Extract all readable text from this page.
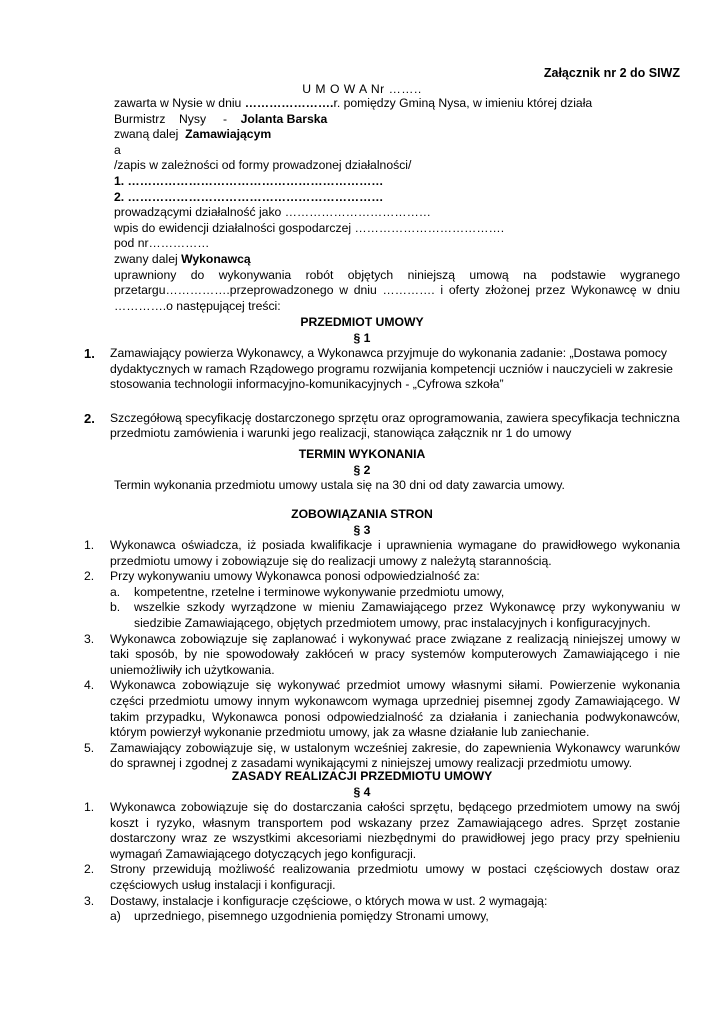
Załącznik nr 2 do SIWZ
U M O W A Nr ……..

zawarta w Nysie w dniu ………………….r. pomiędzy Gminą Nysa, w imieniu której działa

Burmistrz    Nysy     -    Jolanta Barska

zwaną dalej  Zamawiającym

a

/zapis w zależności od formy prowadzonej działalności/

1. ………………………………………………………

2. ………………………………………………………

prowadzącymi działalność jako ………………………………

wpis do ewidencji działalności gospodarczej ……………………………….

pod nr……………

zwany dalej Wykonawcą

uprawniony do wykonywania robót objętych niniejszą umową na podstawie wygranego przetargu…………….przeprowadzonego w dniu …………. i oferty złożonej przez Wykonawcę w dniu ………….o następującej treści:

PRZEDMIOT UMOWY
§ 1
1. Zamawiający powierza Wykonawcy, a Wykonawca przyjmuje do wykonania zadanie: „Dostawa pomocy dydaktycznych w ramach Rządowego programu rozwijania kompetencji uczniów i nauczycieli w zakresie stosowania technologii informacyjno-komunikacyjnych - „Cyfrowa szkoła”
2. Szczegółową specyfikację dostarczonego sprzętu oraz oprogramowania, zawiera specyfikacja techniczna przedmiotu zamówienia i warunki jego realizacji, stanowiąca załącznik nr 1 do umowy
TERMIN WYKONANIA
§ 2
Termin wykonania przedmiotu umowy ustala się na 30 dni od daty zawarcia umowy.
ZOBOWIĄZANIA STRON
§ 3
1. Wykonawca oświadcza, iż posiada kwalifikacje i uprawnienia wymagane do prawidłowego wykonania przedmiotu umowy i zobowiązuje się do realizacji umowy z należytą starannością.
2. Przy wykonywaniu umowy Wykonawca ponosi odpowiedzialność za:
a. kompetentne, rzetelne i terminowe wykonywanie przedmiotu umowy,
b. wszelkie szkody wyrządzone w mieniu Zamawiającego przez Wykonawcę przy wykonywaniu w siedzibie Zamawiającego, objętych przedmiotem umowy, prac instalacyjnych i konfiguracyjnych.
3. Wykonawca zobowiązuje się zaplanować i wykonywać prace związane z realizacją niniejszej umowy w taki sposób, by nie spowodowały zakłóceń w pracy systemów komputerowych Zamawiającego i nie uniemożliwiły ich użytkowania.
4. Wykonawca zobowiązuje się wykonywać przedmiot umowy własnymi siłami. Powierzenie wykonania części przedmiotu umowy innym wykonawcom wymaga uprzedniej pisemnej zgody Zamawiającego. W takim przypadku, Wykonawca ponosi odpowiedzialność za działania i zaniechania podwykonawców, którym powierzył wykonanie przedmiotu umowy, jak za własne działanie lub zaniechanie.
5. Zamawiający zobowiązuje się, w ustalonym wcześniej zakresie, do zapewnienia Wykonawcy warunków do sprawnej i zgodnej z zasadami wynikającymi z niniejszej umowy realizacji przedmiotu umowy.
ZASADY REALIZACJI PRZEDMIOTU UMOWY
§ 4
1. Wykonawca zobowiązuje się do dostarczania całości sprzętu, będącego przedmiotem umowy na swój koszt i ryzyko, własnym transportem pod wskazany przez Zamawiającego adres. Sprzęt zostanie dostarczony wraz ze wszystkimi akcesoriami niezbędnymi do prawidłowej jego pracy przy spełnieniu wymagań Zamawiającego dotyczących jego konfiguracji.
2. Strony przewidują możliwość realizowania przedmiotu umowy w postaci częściowych dostaw oraz częściowych usług instalacji i konfiguracji.
3. Dostawy, instalacje i konfiguracje częściowe, o których mowa w ust. 2 wymagają:
a) uprzedniego, pisemnego uzgodnienia pomiędzy Stronami umowy,
